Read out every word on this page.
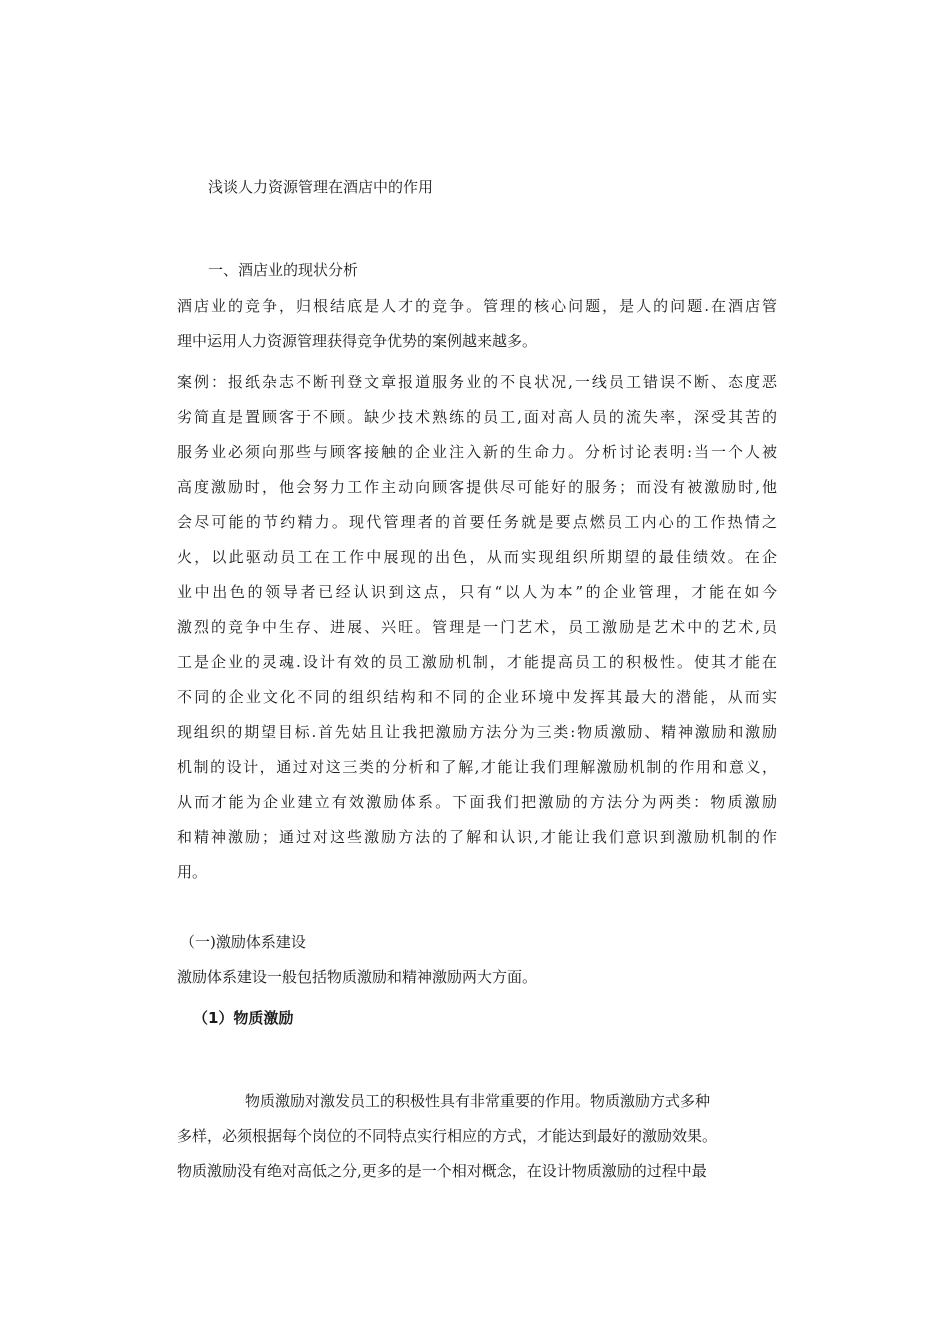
浅谈人力资源管理在酒店中的作用
一、酒店业的现状分析
酒店业的竞争，归根结底是人才的竞争。管理的核心问题，是人的问题.在酒店管
理中运用人力资源管理获得竞争优势的案例越来越多。
案例：报纸杂志不断刊登文章报道服务业的不良状况,一线员工错误不断、态度恶
劣简直是置顾客于不顾。缺少技术熟练的员工,面对高人员的流失率，深受其苦的
服务业必须向那些与顾客接触的企业注入新的生命力。分析讨论表明:当一个人被
高度激励时，他会努力工作主动向顾客提供尽可能好的服务；而没有被激励时,他
会尽可能的节约精力。现代管理者的首要任务就是要点燃员工内心的工作热情之
火，以此驱动员工在工作中展现的出色，从而实现组织所期望的最佳绩效。在企
业中出色的领导者已经认识到这点，只有“以人为本”的企业管理，才能在如今
激烈的竞争中生存、进展、兴旺。管理是一门艺术，员工激励是艺术中的艺术,员
工是企业的灵魂.设计有效的员工激励机制，才能提高员工的积极性。使其才能在
不同的企业文化不同的组织结构和不同的企业环境中发挥其最大的潜能，从而实
现组织的期望目标.首先姑且让我把激励方法分为三类:物质激励、精神激励和激励
机制的设计，通过对这三类的分析和了解,才能让我们理解激励机制的作用和意义，
从而才能为企业建立有效激励体系。下面我们把激励的方法分为两类：物质激励
和精神激励；通过对这些激励方法的了解和认识,才能让我们意识到激励机制的作
用。
（一)激励体系建设
激励体系建设一般包括物质激励和精神激励两大方面。
（1）物质激励
物质激励对激发员工的积极性具有非常重要的作用。物质激励方式多种
多样，必须根据每个岗位的不同特点实行相应的方式，才能达到最好的激励效果。
物质激励没有绝对高低之分,更多的是一个相对概念，在设计物质激励的过程中最
